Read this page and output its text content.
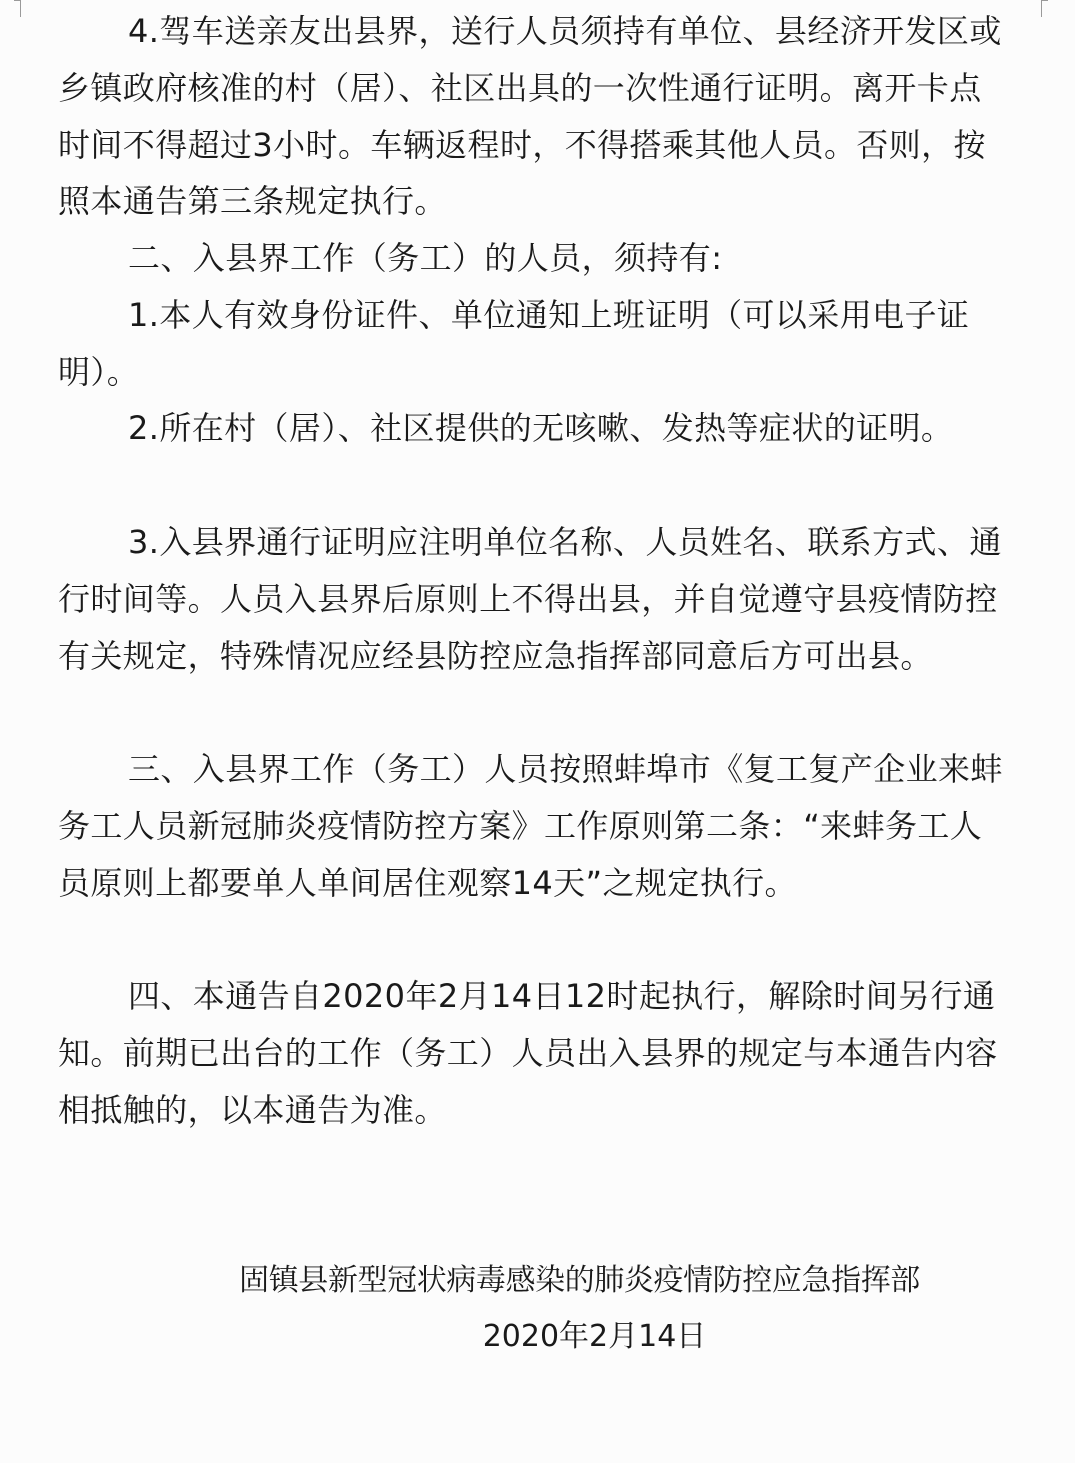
4.驾车送亲友出县界，送行人员须持有单位、县经济开发区或乡镇政府核准的村（居）、社区出具的一次性通行证明。离开卡点时间不得超过3小时。车辆返程时，不得搭乘其他人员。否则，按照本通告第三条规定执行。

二、入县界工作（务工）的人员，须持有:

1.本人有效身份证件、单位通知上班证明（可以采用电子证明）。

2.所在村（居）、社区提供的无咳嗽、发热等症状的证明。

3.入县界通行证明应注明单位名称、人员姓名、联系方式、通行时间等。人员入县界后原则上不得出县，并自觉遵守县疫情防控有关规定，特殊情况应经县防控应急指挥部同意后方可出县。

三、入县界工作（务工）人员按照蚌埠市《复工复产企业来蚌务工人员新冠肺炎疫情防控方案》工作原则第二条：“来蚌务工人员原则上都要单人单间居住观察14天”之规定执行。

四、本通告自2020年2月14日12时起执行，解除时间另行通知。前期已出台的工作（务工）人员出入县界的规定与本通告内容相抵触的，以本通告为准。

固镇县新型冠状病毒感染的肺炎疫情防控应急指挥部
2020年2月14日
